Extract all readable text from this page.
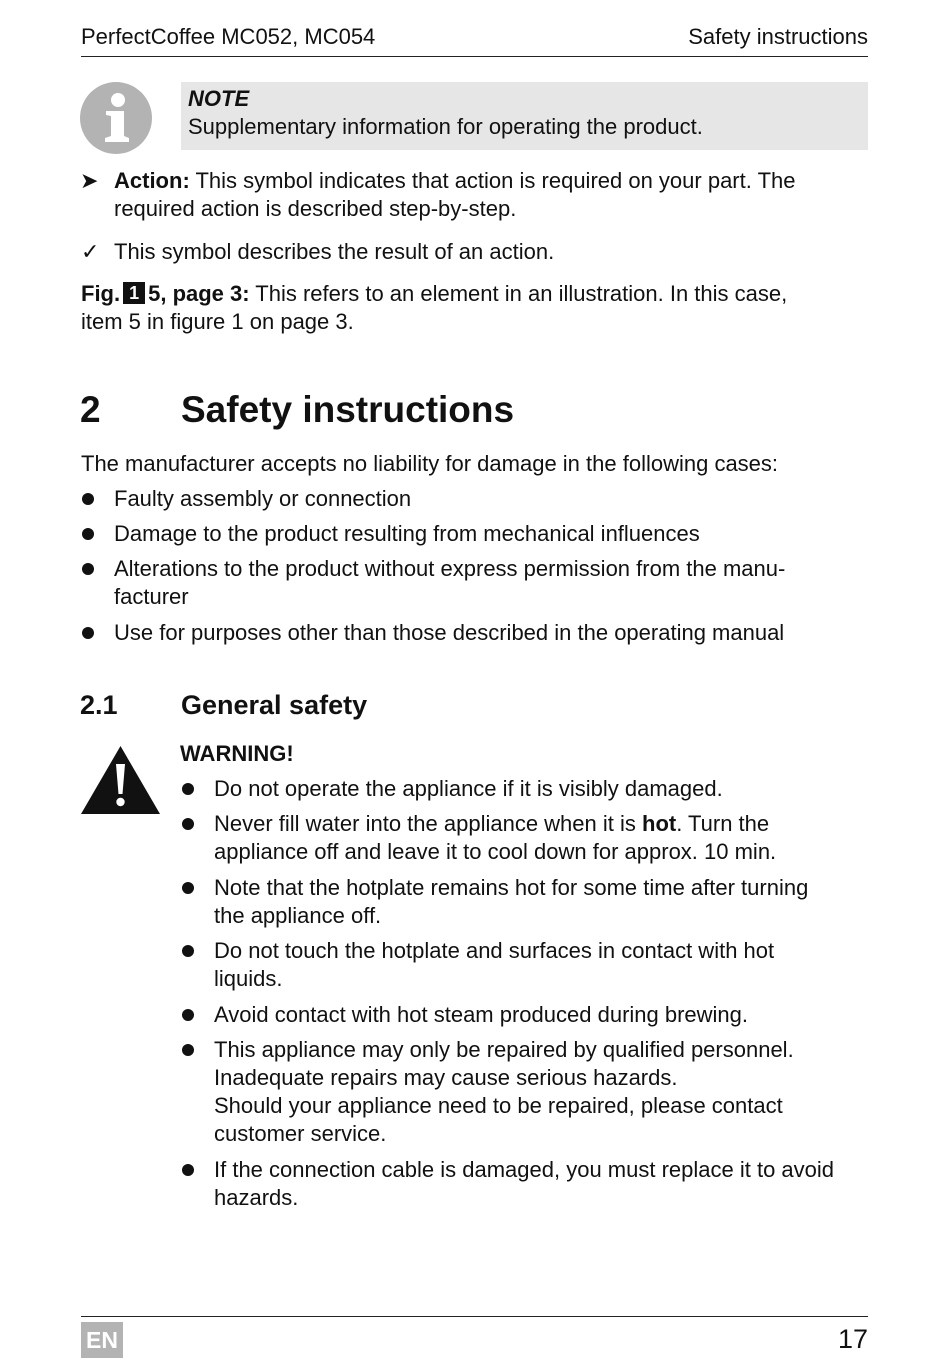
PerfectCoffee MC052, MC054	Safety instructions
NOTE
Supplementary information for operating the product.
➤ Action: This symbol indicates that action is required on your part. The
required action is described step-by-step.
✓ This symbol describes the result of an action.
Fig. 1 5, page 3: This refers to an element in an illustration. In this case,
item 5 in figure 1 on page 3.
2 Safety instructions
The manufacturer accepts no liability for damage in the following cases:
Faulty assembly or connection
Damage to the product resulting from mechanical influences
Alterations to the product without express permission from the manu-
facturer
Use for purposes other than those described in the operating manual
2.1 General safety
WARNING!
Do not operate the appliance if it is visibly damaged.
Never fill water into the appliance when it is hot. Turn the
appliance off and leave it to cool down for approx. 10 min.
Note that the hotplate remains hot for some time after turning
the appliance off.
Do not touch the hotplate and surfaces in contact with hot
liquids.
Avoid contact with hot steam produced during brewing.
This appliance may only be repaired by qualified personnel.
Inadequate repairs may cause serious hazards.
Should your appliance need to be repaired, please contact
customer service.
If the connection cable is damaged, you must replace it to avoid
hazards.
EN	17
